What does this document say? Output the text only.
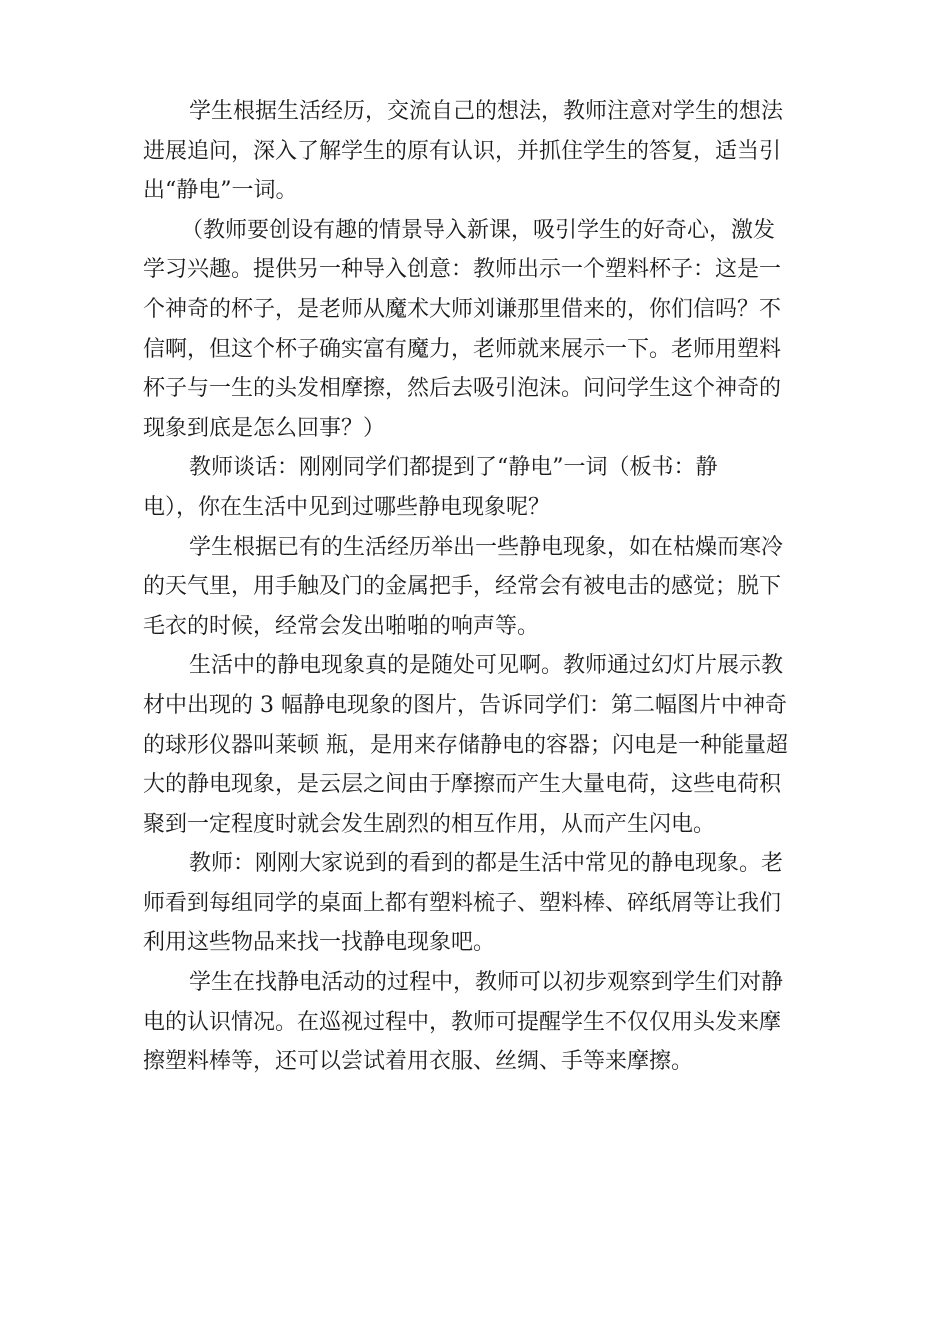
学生根据生活经历，交流自己的想法，教师注意对学生的想法
进展追问，深入了解学生的原有认识，并抓住学生的答复，适当引
出“静电”一词。
（教师要创设有趣的情景导入新课，吸引学生的好奇心，激发
学习兴趣。提供另一种导入创意：教师出示一个塑料杯子：这是一
个神奇的杯子，是老师从魔术大师刘谦那里借来的，你们信吗？不
信啊，但这个杯子确实富有魔力，老师就来展示一下。老师用塑料
杯子与一生的头发相摩擦，然后去吸引泡沫。问问学生这个神奇的
现象到底是怎么回事？）
教师谈话：刚刚同学们都提到了“静电”一词（板书：静
电），你在生活中见到过哪些静电现象呢？
学生根据已有的生活经历举出一些静电现象，如在枯燥而寒冷
的天气里，用手触及门的金属把手，经常会有被电击的感觉；脱下
毛衣的时候，经常会发出啪啪的响声等。
生活中的静电现象真的是随处可见啊。教师通过幻灯片展示教
材中出现的 3 幅静电现象的图片，告诉同学们：第二幅图片中神奇
的球形仪器叫莱顿 瓶，是用来存储静电的容器；闪电是一种能量超
大的静电现象，是云层之间由于摩擦而产生大量电荷，这些电荷积
聚到一定程度时就会发生剧烈的相互作用，从而产生闪电。
教师：刚刚大家说到的看到的都是生活中常见的静电现象。老
师看到每组同学的桌面上都有塑料梳子、塑料棒、碎纸屑等让我们
利用这些物品来找一找静电现象吧。
学生在找静电活动的过程中，教师可以初步观察到学生们对静
电的认识情况。在巡视过程中，教师可提醒学生不仅仅用头发来摩
擦塑料棒等，还可以尝试着用衣服、丝绸、手等来摩擦。
